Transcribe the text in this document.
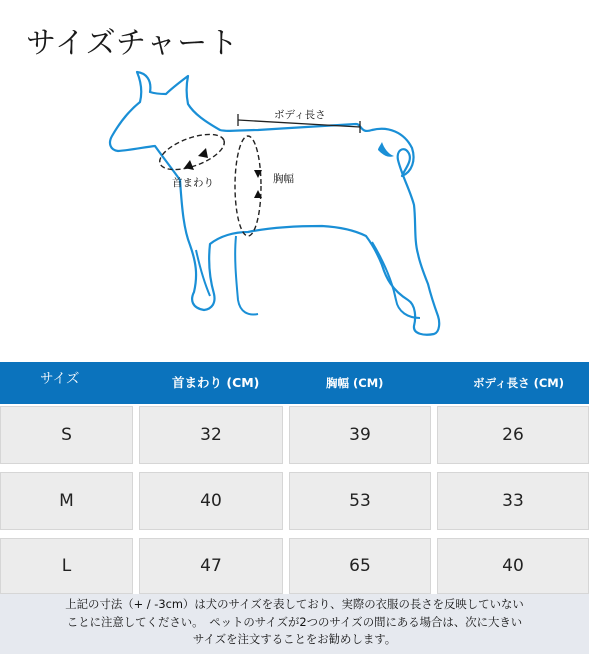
サイズチャート
ボディ長さ
首まわり	胸幅
サイズ	首まわり (CM)	胸幅 (CM)	ボディ長さ (CM)
S	32	39	26
M	40	53	33
L	47	65	40
上記の寸法（+ / -3cm）は犬のサイズを表しており、実際の衣服の長さを反映していない
ことに注意してください。　ペットのサイズが2つのサイズの間にある場合は、次に大きい
サイズを注文することをお勧めします。
